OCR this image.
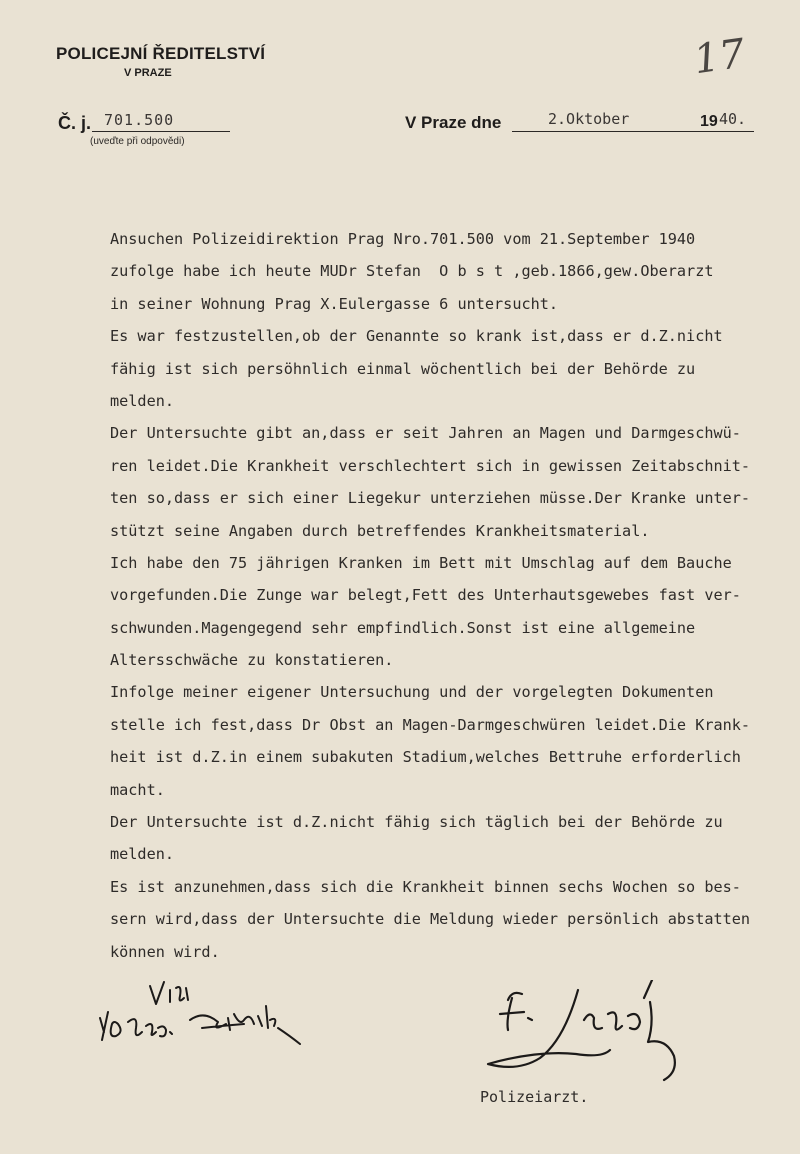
POLICEJNÍ ŘEDITELSTVÍ
V PRAZE	17
Č. j. 701.500
(uveďte při odpovědi)
V Praze dne	2.Oktober	19 40.
Ansuchen Polizeidirektion Prag Nro.701.500 vom 21.September 1940
zufolge habe ich heute MUDr Stefan  O b s t ,geb.1866,gew.Oberarzt
in seiner Wohnung Prag X.Eulergasse 6 untersucht.
Es war festzustellen,ob der Genannte so krank ist,dass er d.Z.nicht
fähig ist sich persöhnlich einmal wöchentlich bei der Behörde zu
melden.
Der Untersuchte gibt an,dass er seit Jahren an Magen und Darmgeschwü-
ren leidet.Die Krankheit verschlechtert sich in gewissen Zeitabschnit-
ten so,dass er sich einer Liegekur unterziehen müsse.Der Kranke unter-
stützt seine Angaben durch betreffendes Krankheitsmaterial.
Ich habe den 75 jährigen Kranken im Bett mit Umschlag auf dem Bauche
vorgefunden.Die Zunge war belegt,Fett des Unterhautsgewebes fast ver-
schwunden.Magengegend sehr empfindlich.Sonst ist eine allgemeine
Altersschwäche zu konstatieren.
Infolge meiner eigener Untersuchung und der vorgelegten Dokumenten
stelle ich fest,dass Dr Obst an Magen-Darmgeschwüren leidet.Die Krank-
heit ist d.Z.in einem subakuten Stadium,welches Bettruhe erforderlich
macht.
Der Untersuchte ist d.Z.nicht fähig sich täglich bei der Behörde zu
melden.
Es ist anzunehmen,dass sich die Krankheit binnen sechs Wochen so bes-
sern wird,dass der Untersuchte die Meldung wieder persönlich abstatten
können wird.
Polizeiarzt.
